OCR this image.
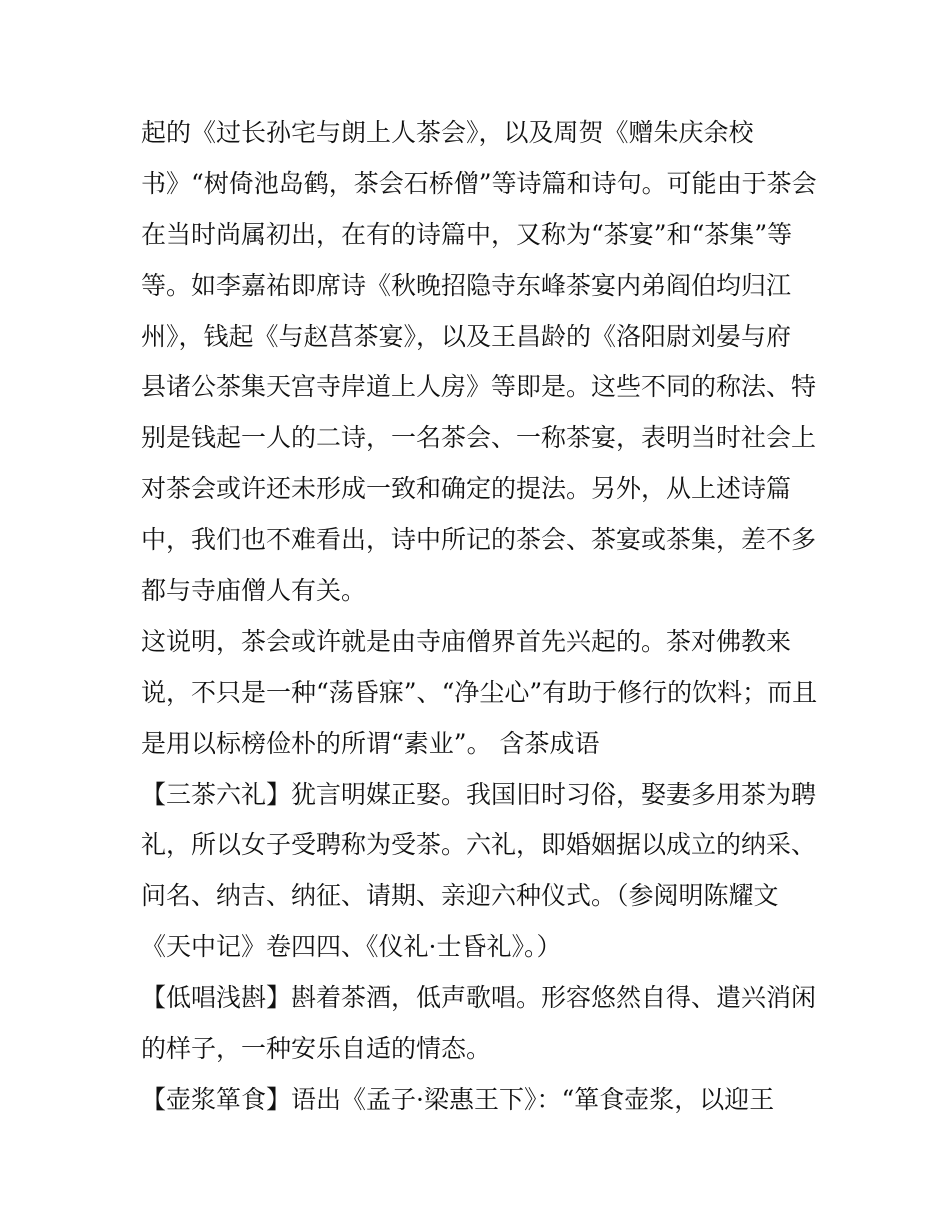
起的《过长孙宅与朗上人茶会》，以及周贺《赠朱庆余校
书》“树倚池岛鹤，茶会石桥僧”等诗篇和诗句。可能由于茶会
在当时尚属初出，在有的诗篇中，又称为“茶宴”和“茶集”等
等。如李嘉祐即席诗《秋晚招隐寺东峰茶宴内弟阎伯均归江
州》，钱起《与赵莒茶宴》，以及王昌龄的《洛阳尉刘晏与府
县诸公茶集天宫寺岸道上人房》等即是。这些不同的称法、特
别是钱起一人的二诗，一名茶会、一称茶宴，表明当时社会上
对茶会或许还未形成一致和确定的提法。另外，从上述诗篇
中，我们也不难看出，诗中所记的茶会、茶宴或茶集，差不多
都与寺庙僧人有关。
这说明，茶会或许就是由寺庙僧界首先兴起的。茶对佛教来
说，不只是一种“荡昏寐”、“净尘心”有助于修行的饮料；而且
是用以标榜俭朴的所谓“素业”。 含茶成语
【三茶六礼】犹言明媒正娶。我国旧时习俗，娶妻多用茶为聘
礼，所以女子受聘称为受茶。六礼，即婚姻据以成立的纳采、
问名、纳吉、纳征、请期、亲迎六种仪式。（参阅明陈耀文
《天中记》卷四四、《仪礼·士昏礼》。）
【低唱浅斟】斟着茶酒，低声歌唱。形容悠然自得、遣兴消闲
的样子，一种安乐自适的情态。
【壶浆箪食】语出《孟子·梁惠王下》：“箪食壶浆，以迎王
